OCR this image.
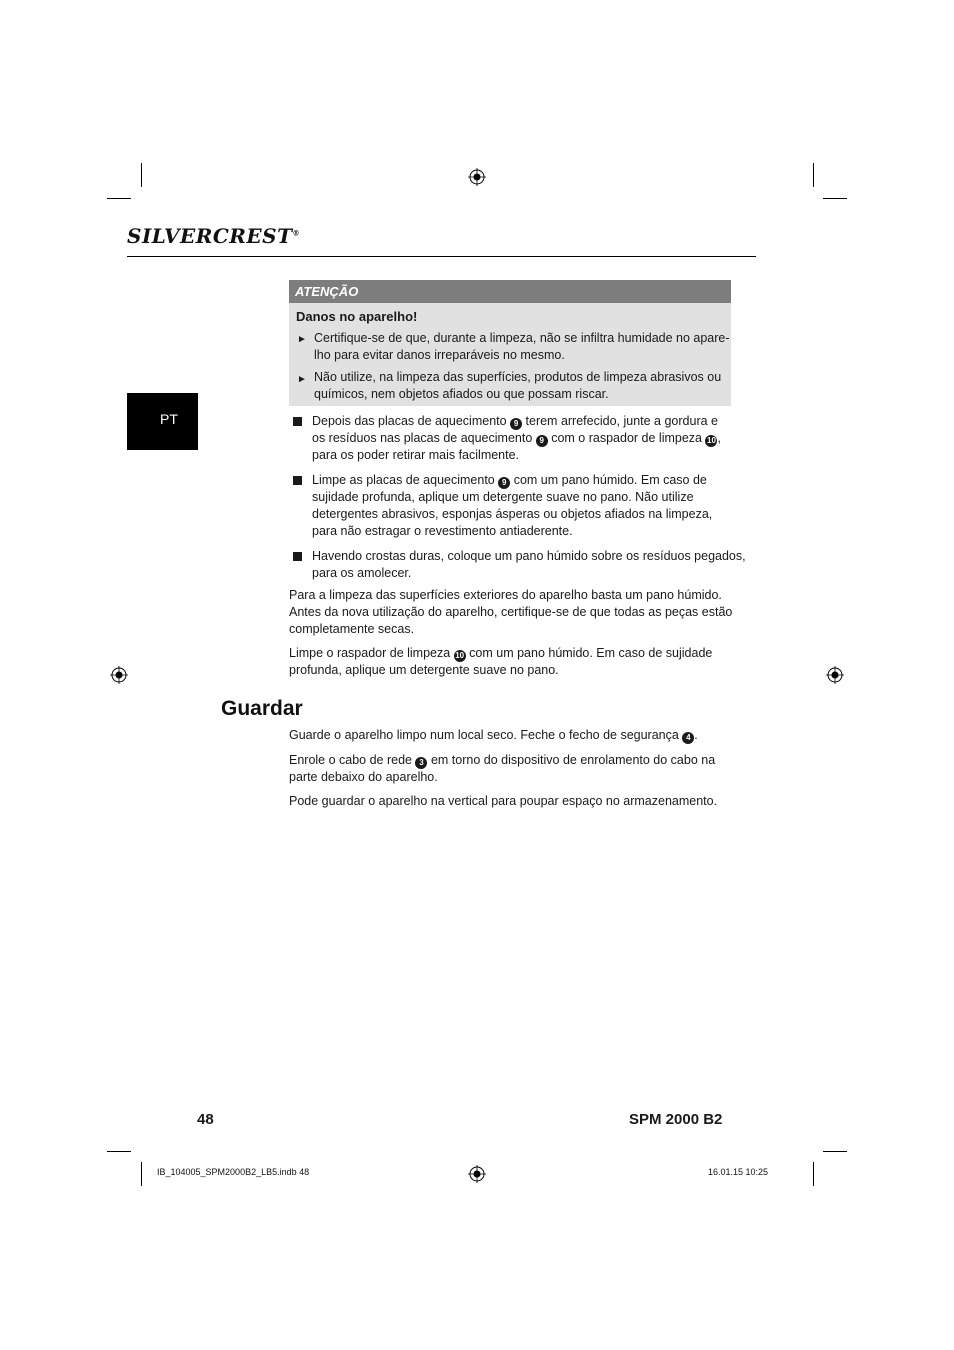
SILVERCREST®
PT
ATENÇÃO
Danos no aparelho!
► Certifique-se de que, durante a limpeza, não se infiltra humidade no apare-
lho para evitar danos irreparáveis no mesmo.
► Não utilize, na limpeza das superfícies, produtos de limpeza abrasivos ou
químicos, nem objetos afiados ou que possam riscar.
Depois das placas de aquecimento 9 terem arrefecido, junte a gordura e
os resíduos nas placas de aquecimento 9 com o raspador de limpeza 10 ,
para os poder retirar mais facilmente.
Limpe as placas de aquecimento 9 com um pano húmido. Em caso de
sujidade profunda, aplique um detergente suave no pano. Não utilize
detergentes abrasivos, esponjas ásperas ou objetos afiados na limpeza,
para não estragar o revestimento antiaderente.
Havendo crostas duras, coloque um pano húmido sobre os resíduos pegados,
para os amolecer.
Para a limpeza das superfícies exteriores do aparelho basta um pano húmido.
Antes da nova utilização do aparelho, certifique-se de que todas as peças estão
completamente secas.
Limpe o raspador de limpeza 10 com um pano húmido. Em caso de sujidade
profunda, aplique um detergente suave no pano.
Guardar
Guarde o aparelho limpo num local seco. Feche o fecho de segurança 4 .
Enrole o cabo de rede 3 em torno do dispositivo de enrolamento do cabo na
parte debaixo do aparelho.
Pode guardar o aparelho na vertical para poupar espaço no armazenamento.
48	SPM 2000 B2
IB_104005_SPM2000B2_LB5.indb 48	16.01.15 10:25
